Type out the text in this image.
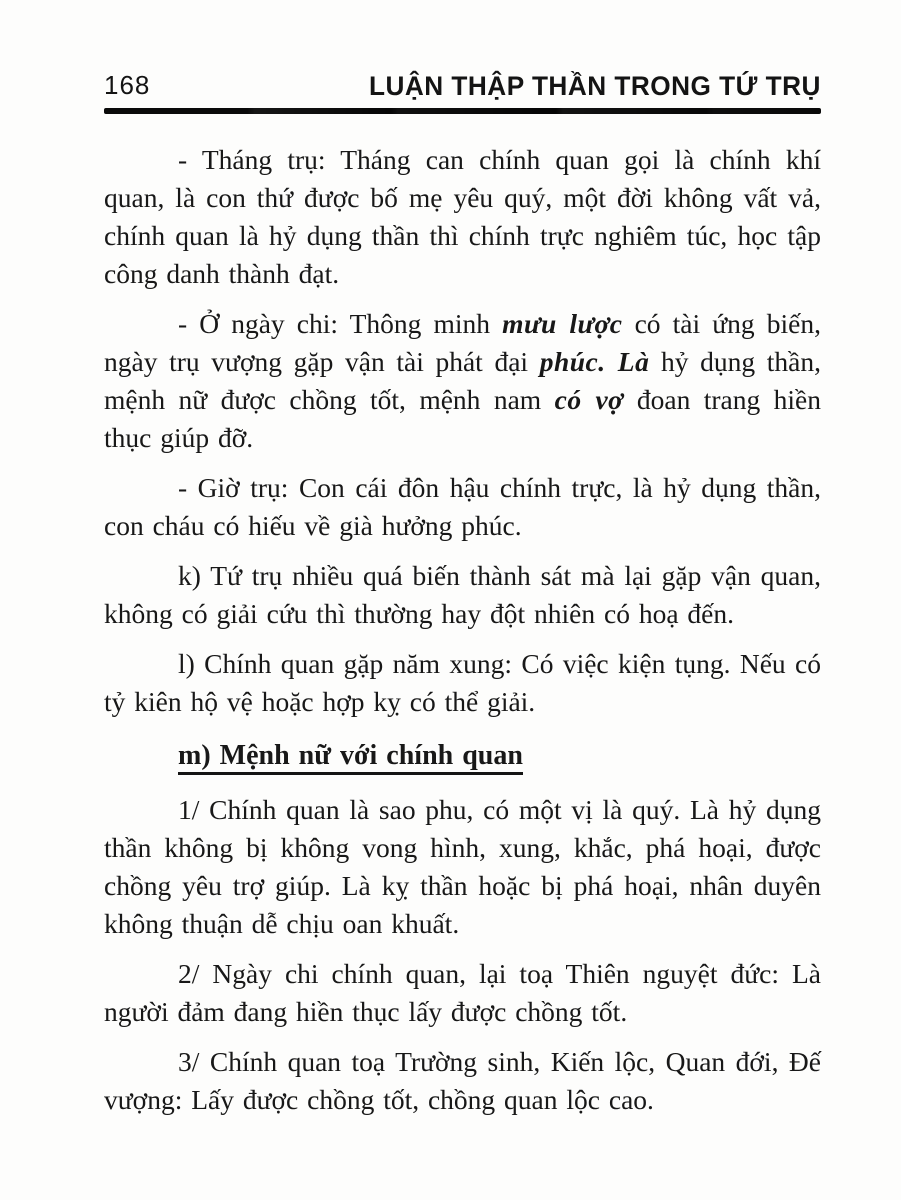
168	LUẬN THẬP THẦN TRONG TỨ TRỤ

- Tháng trụ: Tháng can chính quan gọi là chính khí quan, là con thứ được bố mẹ yêu quý, một đời không vất vả, chính quan là hỷ dụng thần thì chính trực nghiêm túc, học tập công danh thành đạt.

- Ở ngày chi: Thông minh mưu lược có tài ứng biến, ngày trụ vượng gặp vận tài phát đại phúc. Là hỷ dụng thần, mệnh nữ được chồng tốt, mệnh nam có vợ đoan trang hiền thục giúp đỡ.

- Giờ trụ: Con cái đôn hậu chính trực, là hỷ dụng thần, con cháu có hiếu về già hưởng phúc.

k) Tứ trụ nhiều quá biến thành sát mà lại gặp vận quan, không có giải cứu thì thường hay đột nhiên có hoạ đến.

l) Chính quan gặp năm xung: Có việc kiện tụng. Nếu có tỷ kiên hộ vệ hoặc hợp kỵ có thể giải.

m) Mệnh nữ với chính quan

1/ Chính quan là sao phu, có một vị là quý. Là hỷ dụng thần không bị không vong hình, xung, khắc, phá hoại, được chồng yêu trợ giúp. Là kỵ thần hoặc bị phá hoại, nhân duyên không thuận dễ chịu oan khuất.

2/ Ngày chi chính quan, lại toạ Thiên nguyệt đức: Là người đảm đang hiền thục lấy được chồng tốt.

3/ Chính quan toạ Trường sinh, Kiến lộc, Quan đới, Đế vượng: Lấy được chồng tốt, chồng quan lộc cao.
